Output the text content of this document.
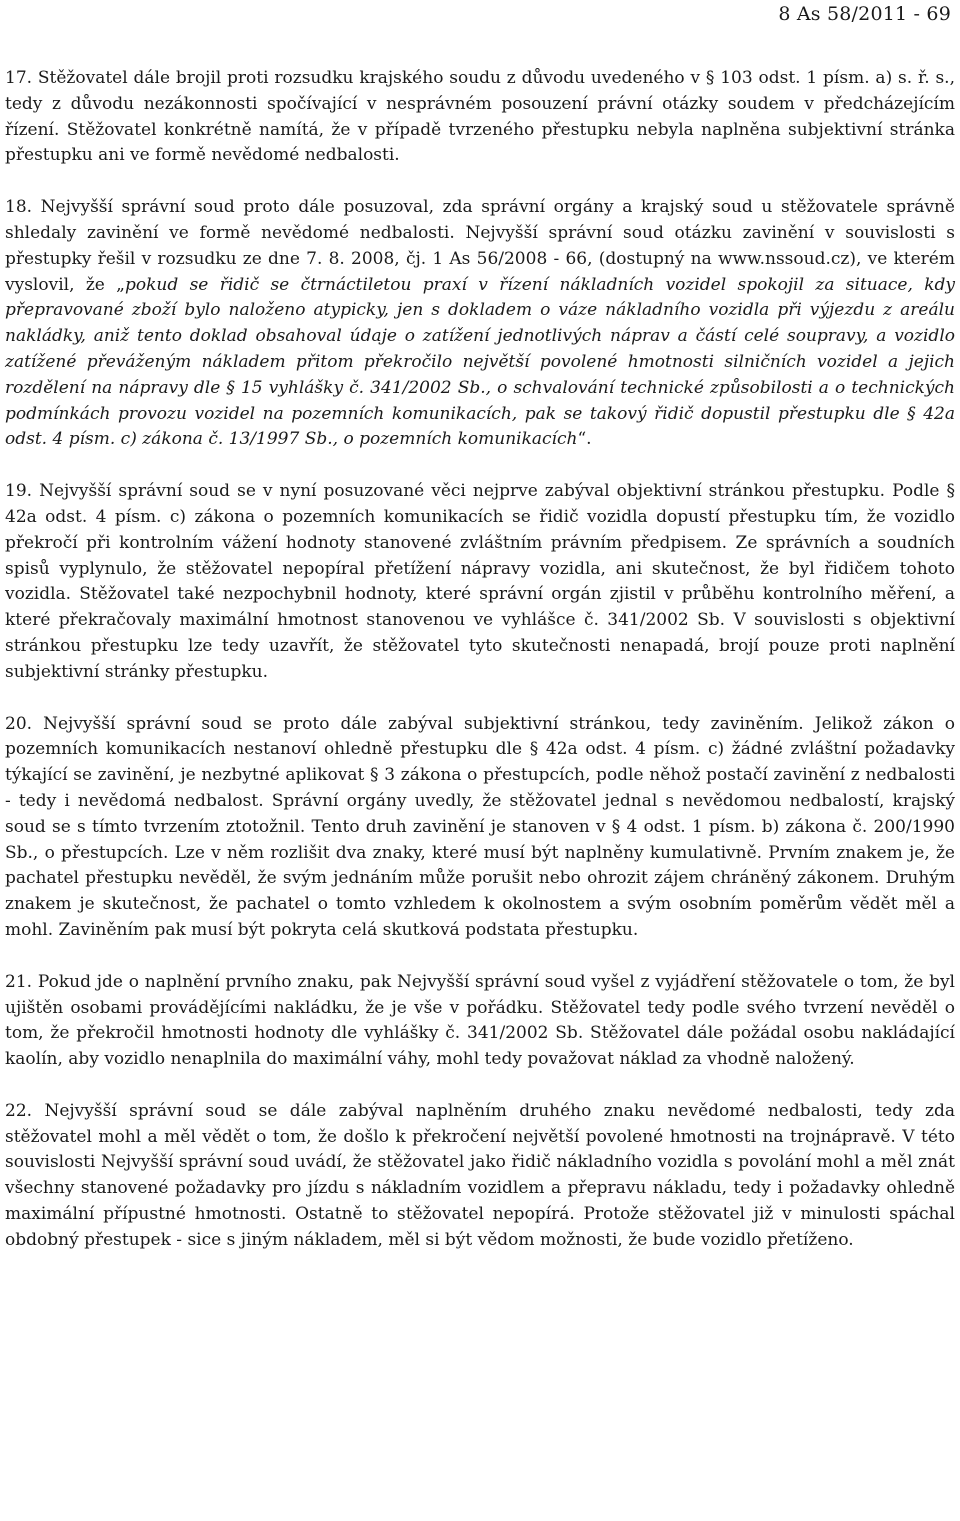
8 As 58/2011 - 69

17. Stěžovatel dále brojil proti rozsudku krajského soudu z důvodu uvedeného v § 103 odst. 1 písm. a) s. ř. s., tedy z důvodu nezákonnosti spočívající v nesprávném posouzení právní otázky soudem v předcházejícím řízení. Stěžovatel konkrétně namítá, že v případě tvrzeného přestupku nebyla naplněna subjektivní stránka přestupku ani ve formě nevědomé nedbalosti.

18. Nejvyšší správní soud proto dále posuzoval, zda správní orgány a krajský soud u stěžovatele správně shledaly zavinění ve formě nevědomé nedbalosti. Nejvyšší správní soud otázku zavinění v souvislosti s přestupky řešil v rozsudku ze dne 7. 8. 2008, čj. 1 As 56/2008 - 66, (dostupný na www.nssoud.cz), ve kterém vyslovil, že „pokud se řidič se čtrnáctiletou praxí v řízení nákladních vozidel spokojil za situace, kdy přepravované zboží bylo naloženo atypicky, jen s dokladem o váze nákladního vozidla při výjezdu z areálu nakládky, aniž tento doklad obsahoval údaje o zatížení jednotlivých náprav a částí celé soupravy, a vozidlo zatížené převáženým nákladem přitom překročilo největší povolené hmotnosti silničních vozidel a jejich rozdělení na nápravy dle § 15 vyhlášky č. 341/2002 Sb., o schvalování technické způsobilosti a o technických podmínkách provozu vozidel na pozemních komunikacích, pak se takový řidič dopustil přestupku dle § 42a odst. 4 písm. c) zákona č. 13/1997 Sb., o pozemních komunikacích“.

19. Nejvyšší správní soud se v nyní posuzované věci nejprve zabýval objektivní stránkou přestupku. Podle § 42a odst. 4 písm. c) zákona o pozemních komunikacích se řidič vozidla dopustí přestupku tím, že vozidlo překročí při kontrolním vážení hodnoty stanovené zvláštním právním předpisem. Ze správních a soudních spisů vyplynulo, že stěžovatel nepopíral přetížení nápravy vozidla, ani skutečnost, že byl řidičem tohoto vozidla. Stěžovatel také nezpochybnil hodnoty, které správní orgán zjistil v průběhu kontrolního měření, a které překračovaly maximální hmotnost stanovenou ve vyhlášce č. 341/2002 Sb. V souvislosti s objektivní stránkou přestupku lze tedy uzavřít, že stěžovatel tyto skutečnosti nenapadá, brojí pouze proti naplnění subjektivní stránky přestupku.

20. Nejvyšší správní soud se proto dále zabýval subjektivní stránkou, tedy zaviněním. Jelikož zákon o pozemních komunikacích nestanoví ohledně přestupku dle § 42a odst. 4 písm. c) žádné zvláštní požadavky týkající se zavinění, je nezbytné aplikovat § 3 zákona o přestupcích, podle něhož postačí zavinění z nedbalosti - tedy i nevědomá nedbalost. Správní orgány uvedly, že stěžovatel jednal s nevědomou nedbalostí, krajský soud se s tímto tvrzením ztotožnil. Tento druh zavinění je stanoven v § 4 odst. 1 písm. b) zákona č. 200/1990 Sb., o přestupcích. Lze v něm rozlišit dva znaky, které musí být naplněny kumulativně. Prvním znakem je, že pachatel přestupku nevěděl, že svým jednáním může porušit nebo ohrozit zájem chráněný zákonem. Druhým znakem je skutečnost, že pachatel o tomto vzhledem k okolnostem a svým osobním poměrům vědět měl a mohl. Zaviněním pak musí být pokryta celá skutková podstata přestupku.

21. Pokud jde o naplnění prvního znaku, pak Nejvyšší správní soud vyšel z vyjádření stěžovatele o tom, že byl ujištěn osobami provádějícími nakládku, že je vše v pořádku. Stěžovatel tedy podle svého tvrzení nevěděl o tom, že překročil hmotnosti hodnoty dle vyhlášky č. 341/2002 Sb. Stěžovatel dále požádal osobu nakládající kaolín, aby vozidlo nenaplnila do maximální váhy, mohl tedy považovat náklad za vhodně naložený.

22. Nejvyšší správní soud se dále zabýval naplněním druhého znaku nevědomé nedbalosti, tedy zda stěžovatel mohl a měl vědět o tom, že došlo k překročení největší povolené hmotnosti na trojnápravě. V této souvislosti Nejvyšší správní soud uvádí, že stěžovatel jako řidič nákladního vozidla s povolání mohl a měl znát všechny stanovené požadavky pro jízdu s nákladním vozidlem a přepravu nákladu, tedy i požadavky ohledně maximální přípustné hmotnosti. Ostatně to stěžovatel nepopírá. Protože stěžovatel již v minulosti spáchal obdobný přestupek - sice s jiným nákladem, měl si být vědom možnosti, že bude vozidlo přetíženo.
